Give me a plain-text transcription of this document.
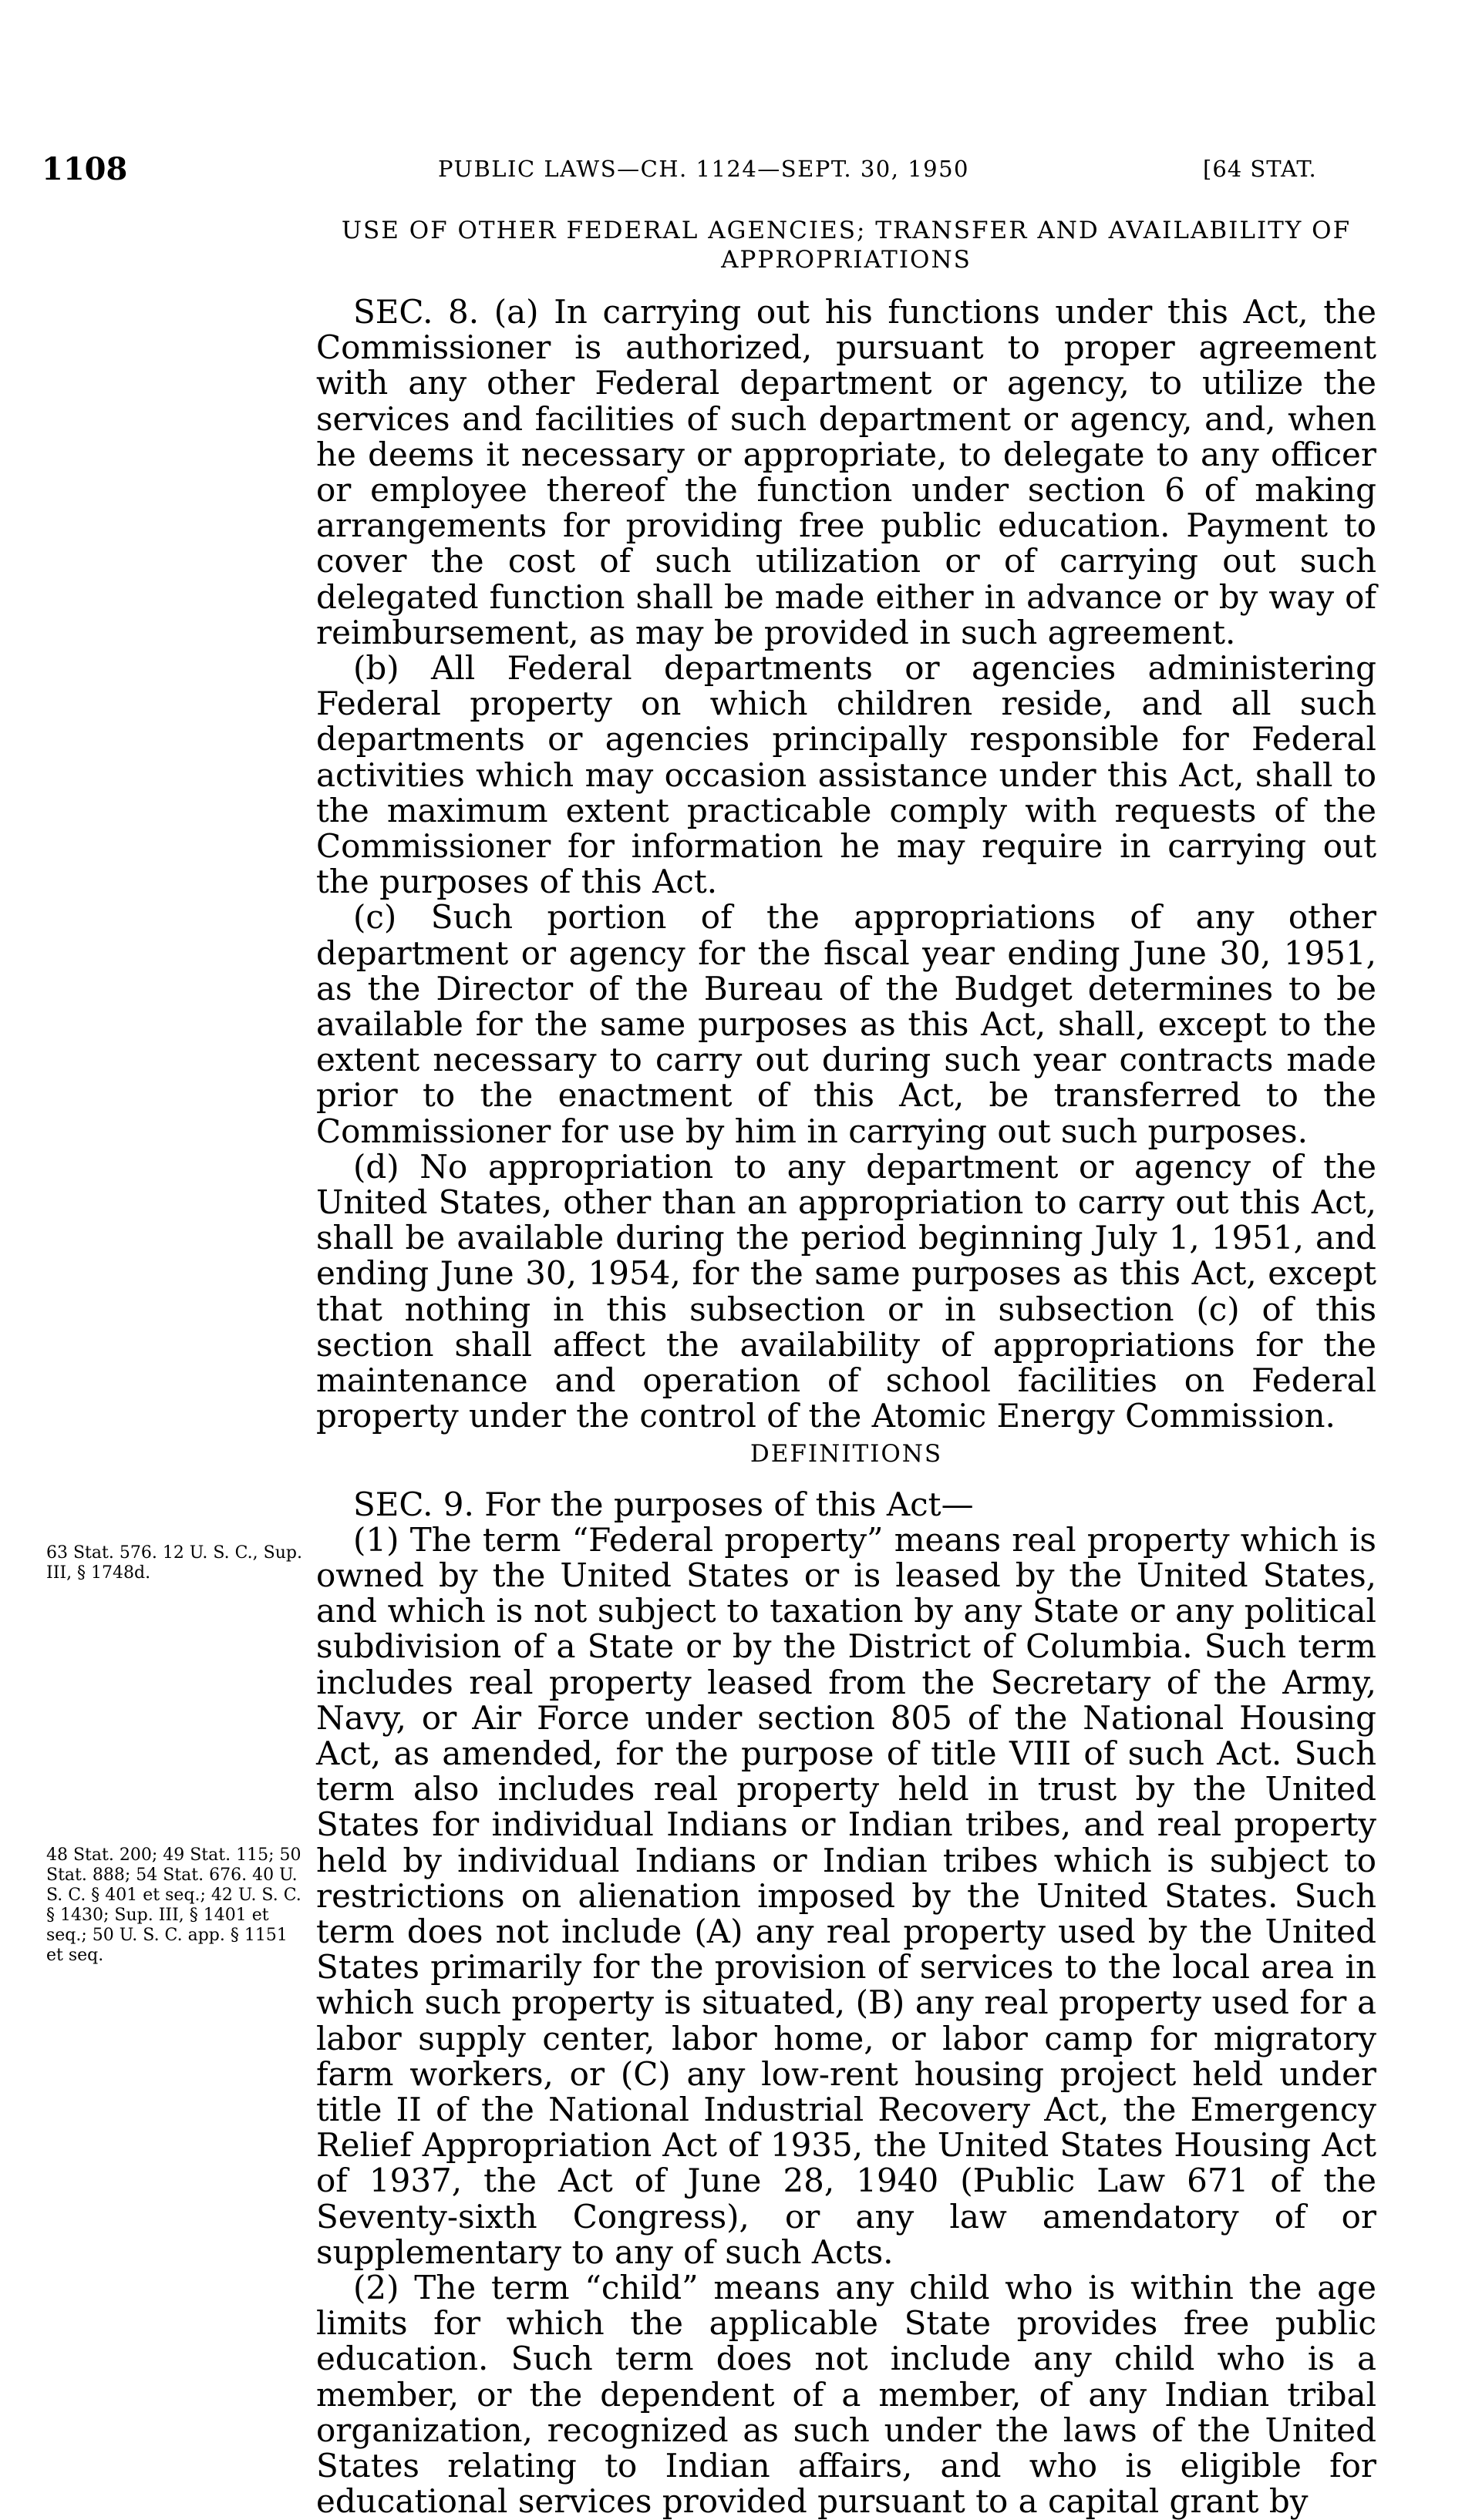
1108	PUBLIC LAWS—CH. 1124—SEPT. 30, 1950	[64 STAT.
USE OF OTHER FEDERAL AGENCIES; TRANSFER AND AVAILABILITY OF APPROPRIATIONS

SEC. 8. (a) In carrying out his functions under this Act, the Commissioner is authorized, pursuant to proper agreement with any other Federal department or agency, to utilize the services and facilities of such department or agency, and, when he deems it necessary or appropriate, to delegate to any officer or employee thereof the function under section 6 of making arrangements for providing free public education. Payment to cover the cost of such utilization or of carrying out such delegated function shall be made either in advance or by way of reimbursement, as may be provided in such agreement.

(b) All Federal departments or agencies administering Federal property on which children reside, and all such departments or agencies principally responsible for Federal activities which may occasion assistance under this Act, shall to the maximum extent practicable comply with requests of the Commissioner for information he may require in carrying out the purposes of this Act.

(c) Such portion of the appropriations of any other department or agency for the fiscal year ending June 30, 1951, as the Director of the Bureau of the Budget determines to be available for the same purposes as this Act, shall, except to the extent necessary to carry out during such year contracts made prior to the enactment of this Act, be transferred to the Commissioner for use by him in carrying out such purposes.

(d) No appropriation to any department or agency of the United States, other than an appropriation to carry out this Act, shall be available during the period beginning July 1, 1951, and ending June 30, 1954, for the same purposes as this Act, except that nothing in this subsection or in subsection (c) of this section shall affect the availability of appropriations for the maintenance and operation of school facilities on Federal property under the control of the Atomic Energy Commission.

DEFINITIONS

SEC. 9. For the purposes of this Act—

(1) The term “Federal property” means real property which is owned by the United States or is leased by the United States, and which is not subject to taxation by any State or any political subdivision of a State or by the District of Columbia. Such term includes real property leased from the Secretary of the Army, Navy, or Air Force under section 805 of the National Housing Act, as amended, for the purpose of title VIII of such Act. Such term also includes real property held in trust by the United States for individual Indians or Indian tribes, and real property held by individual Indians or Indian tribes which is subject to restrictions on alienation imposed by the United States. Such term does not include (A) any real property used by the United States primarily for the provision of services to the local area in which such property is situated, (B) any real property used for a labor supply center, labor home, or labor camp for migratory farm workers, or (C) any low-rent housing project held under title II of the National Industrial Recovery Act, the Emergency Relief Appropriation Act of 1935, the United States Housing Act of 1937, the Act of June 28, 1940 (Public Law 671 of the Seventy-sixth Congress), or any law amendatory of or supplementary to any of such Acts.

(2) The term “child” means any child who is within the age limits for which the applicable State provides free public education. Such term does not include any child who is a member, or the dependent of a member, of any Indian tribal organization, recognized as such under the laws of the United States relating to Indian affairs, and who is eligible for educational services provided pursuant to a capital grant by

63 Stat. 576. 12 U. S. C., Sup. III, § 1748d.
48 Stat. 200; 49 Stat. 115; 50 Stat. 888; 54 Stat. 676. 40 U. S. C. § 401 et seq.; 42 U. S. C. § 1430; Sup. III, § 1401 et seq.; 50 U. S. C. app. § 1151 et seq.
